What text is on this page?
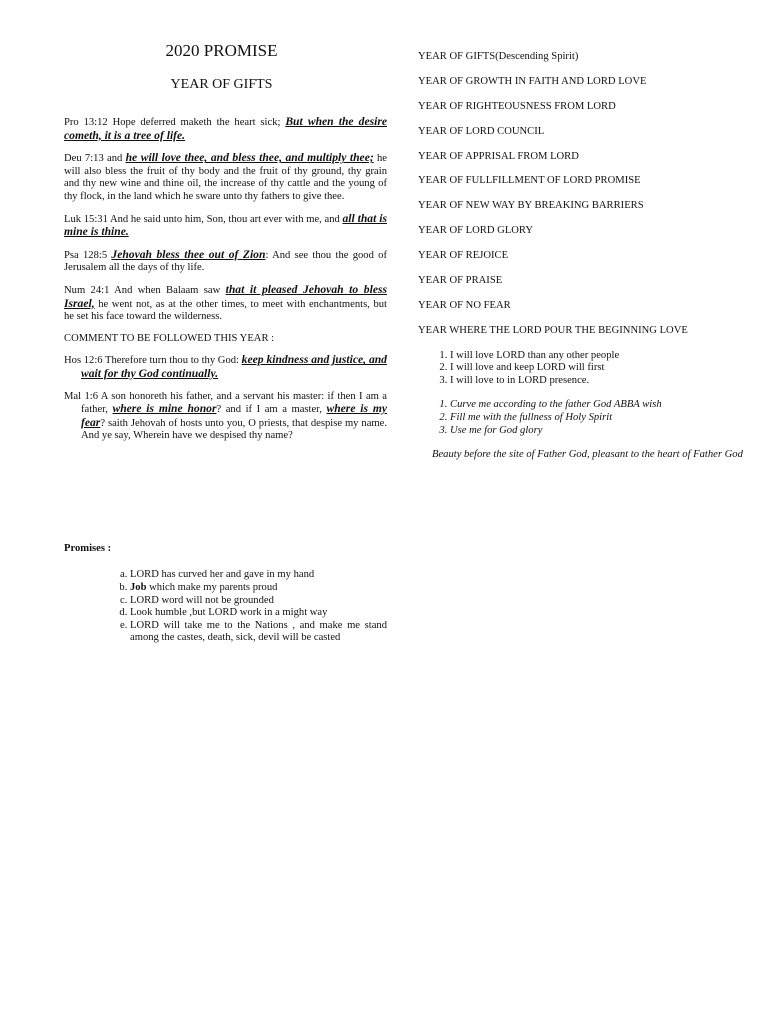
2020 PROMISE
YEAR OF GIFTS

Pro 13:12 Hope deferred maketh the heart sick; But when the desire cometh, it is a tree of life.

Deu 7:13 and he will love thee, and bless thee, and multiply thee; he will also bless the fruit of thy body and the fruit of thy ground, thy grain and thy new wine and thine oil, the increase of thy cattle and the young of thy flock, in the land which he sware unto thy fathers to give thee.

Luk 15:31 And he said unto him, Son, thou art ever with me, and all that is mine is thine.

Psa 128:5 Jehovah bless thee out of Zion: And see thou the good of Jerusalem all the days of thy life.

Num 24:1 And when Balaam saw that it pleased Jehovah to bless Israel, he went not, as at the other times, to meet with enchantments, but he set his face toward the wilderness.

COMMENT TO BE FOLLOWED THIS YEAR :

Hos 12:6 Therefore turn thou to thy God: keep kindness and justice, and wait for thy God continually.

Mal 1:6 A son honoreth his father, and a servant his master: if then I am a father, where is mine honor? and if I am a master, where is my fear? saith Jehovah of hosts unto you, O priests, that despise my name. And ye say, Wherein have we despised thy name?

Promises :
a. LORD has curved her and gave in my hand
b. Job which make my parents proud
c. LORD word will not be grounded
d. Look humble ,but LORD work in a might way
e. LORD will take me to the Nations , and make me stand among the castes, death, sick, devil will be casted
YEAR OF GIFTS(Descending Spirit)
YEAR OF GROWTH IN FAITH AND LORD LOVE
YEAR OF RIGHTEOUSNESS FROM LORD
YEAR OF LORD COUNCIL
YEAR OF APPRISAL FROM LORD
YEAR OF FULLFILLMENT OF LORD PROMISE
YEAR OF NEW WAY BY BREAKING BARRIERS
YEAR OF LORD GLORY
YEAR OF REJOICE
YEAR OF PRAISE
YEAR OF NO FEAR
YEAR WHERE THE LORD POUR THE BEGINNING LOVE
1. I will love LORD than any other people
2. I will love and keep LORD will first
3. I will love to in LORD presence.
1. Curve me according to the father God ABBA wish
2. Fill me with the fullness of Holy Spirit
3. Use me for God glory

Beauty before the site of Father God, pleasant to the heart of Father God
